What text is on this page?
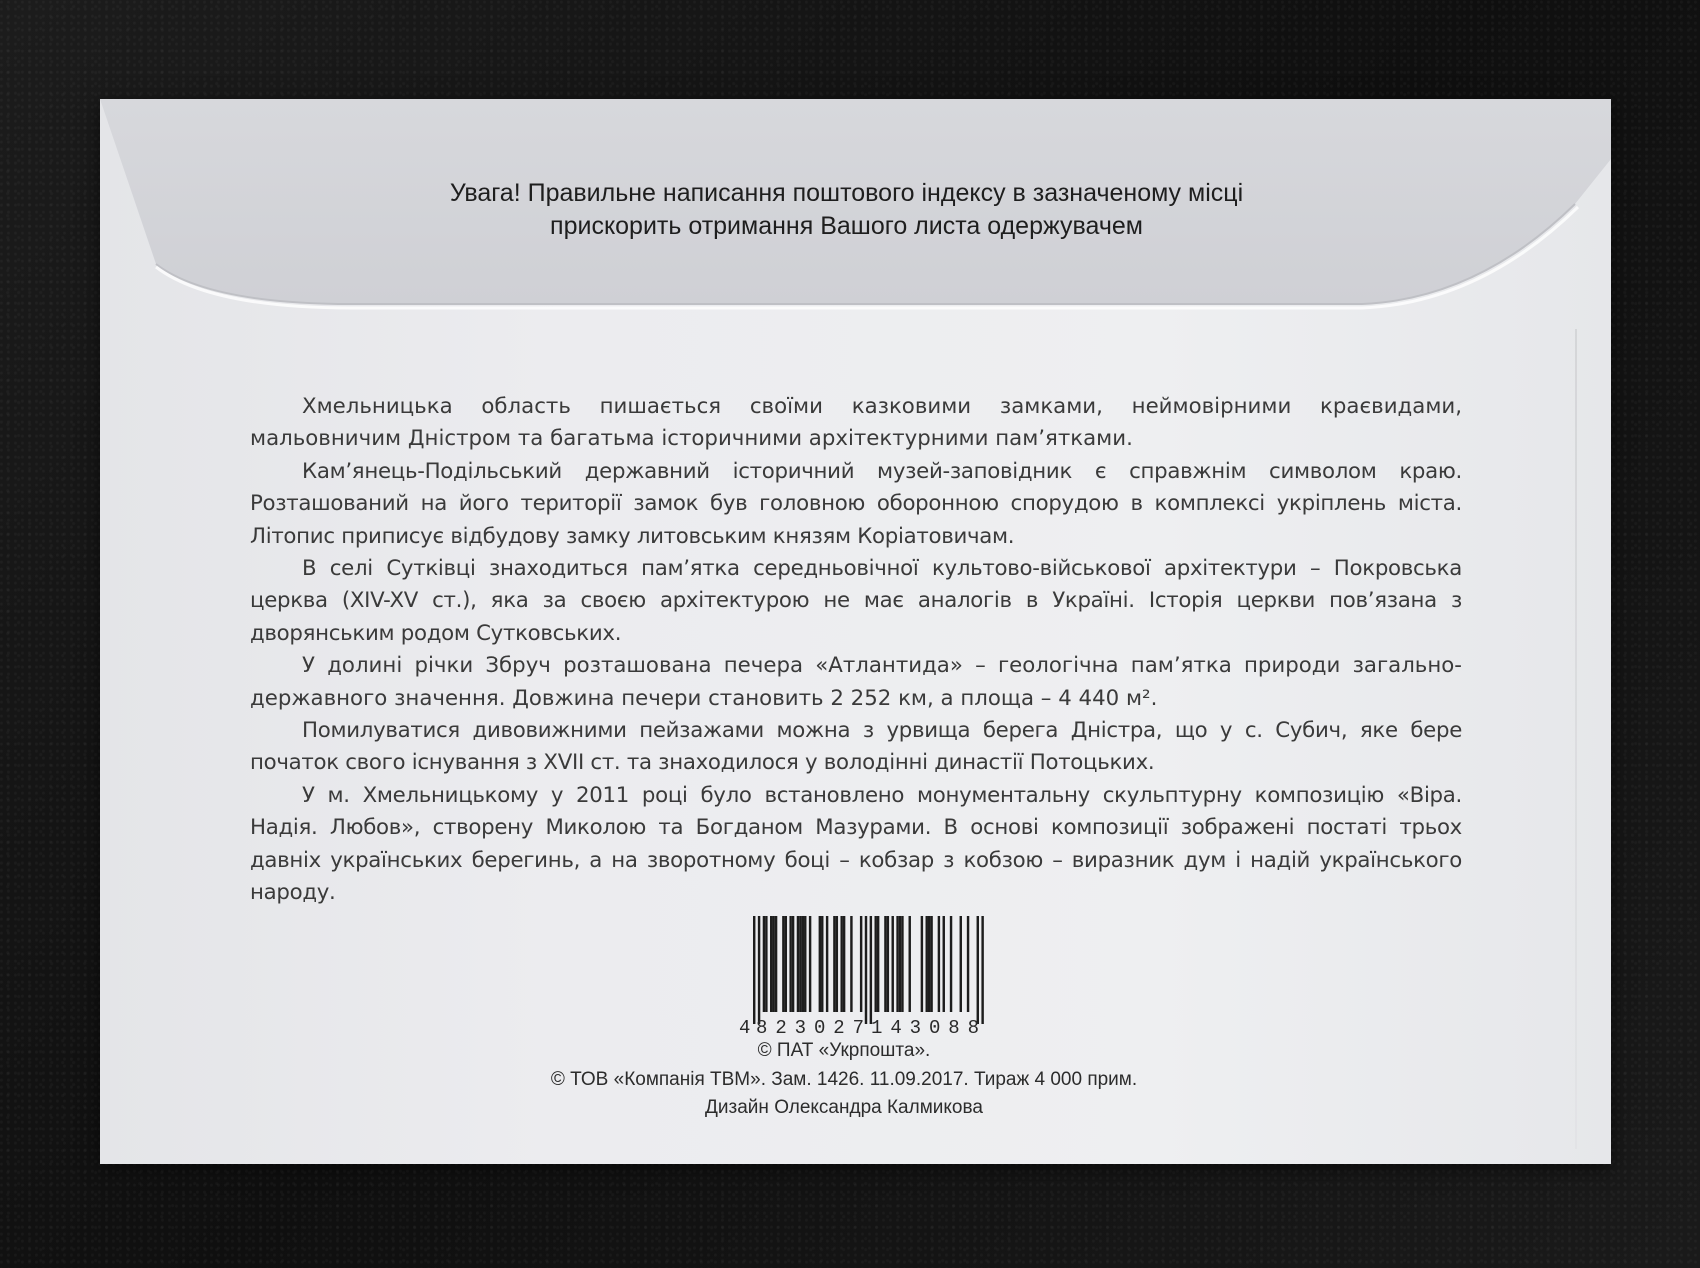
Увага! Правильне написання поштового індексу в зазначеному місці
прискорить отримання Вашого листа одержувачем

Хмельницька область пишається своїми казковими замками, неймовірними краєвидами, мальовничим Дністром та багатьма історичними архітектурними пам’ятками.

Кам’янець-Подільський державний історичний музей-заповідник є справжнім символом краю. Розташований на його території замок був головною оборонною спорудою в комплексі укріплень міста. Літопис приписує відбудову замку литовським князям Коріатовичам.

В селі Сутківці знаходиться пам’ятка середньовічної культово-військової архітектури – Покровська церква (XIV-XV ст.), яка за своєю архітектурою не має аналогів в Україні. Історія церкви пов’язана з дворянським родом Сутковських.

У долині річки Збруч розташована печера «Атлантида» – геологічна пам’ятка природи загально-державного значення. Довжина печери становить 2 252 км, а площа – 4 440 м².

Помилуватися дивовижними пейзажами можна з урвища берега Дністра, що у с. Субич, яке бере початок свого існування з XVII ст. та знаходилося у володінні династії Потоцьких.

У м. Хмельницькому у 2011 році було встановлено монументальну скульптурну композицію «Віра. Надія. Любов», створену Миколою та Богданом Мазурами. В основі композиції зображені постаті трьох давніх українських берегинь, а на зворотному боці – кобзар з кобзою – виразник дум і надій українського народу.

4 823027 143088
© ПАТ «Укрпошта».
© ТОВ «Компанія ТВМ». Зам. 1426. 11.09.2017. Тираж 4 000 прим.
Дизайн Олександра Калмикова
